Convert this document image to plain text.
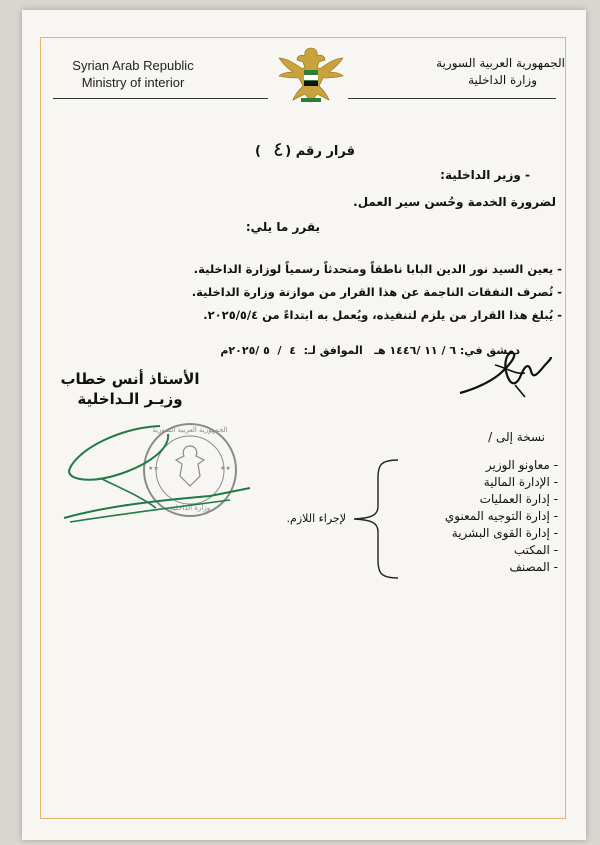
Syrian Arab Republic
Ministry of interior
الجمهورية العربية السورية
وزارة الداخلية
قرار رقم (
٤
)
- وزير الداخلية:
لضرورة الخدمة وحُسن سير العمل.
يقرر ما يلي:
- يعين السيد نور الدين البابا ناطقاً ومتحدثاً رسمياً لوزارة الداخلية.
- تُصرف النفقات الناجمة عن هذا القرار من موازنة وزارة الداخلية.
- يُبلغ هذا القرار من يلزم لتنفيذه، ويُعمل به ابتداءً من ٢٠٢٥/٥/٤.
دمشق في: ٦ / ١١ /١٤٤٦ هـ   الموافق لـ:  ٤  /  ٥ /٢٠٢٥م
الأستاذ أنس خطاب
وزيـر الـداخلية
★★	★★
الجمهورية العربية السورية
وزارة الداخلية
نسخة إلى /
- معاونو الوزير
- الإدارة المالية
- إدارة العمليات
- إدارة التوجيه المعنوي
- إدارة القوى البشرية
- المكتب
- المصنف
لإجراء اللازم.
